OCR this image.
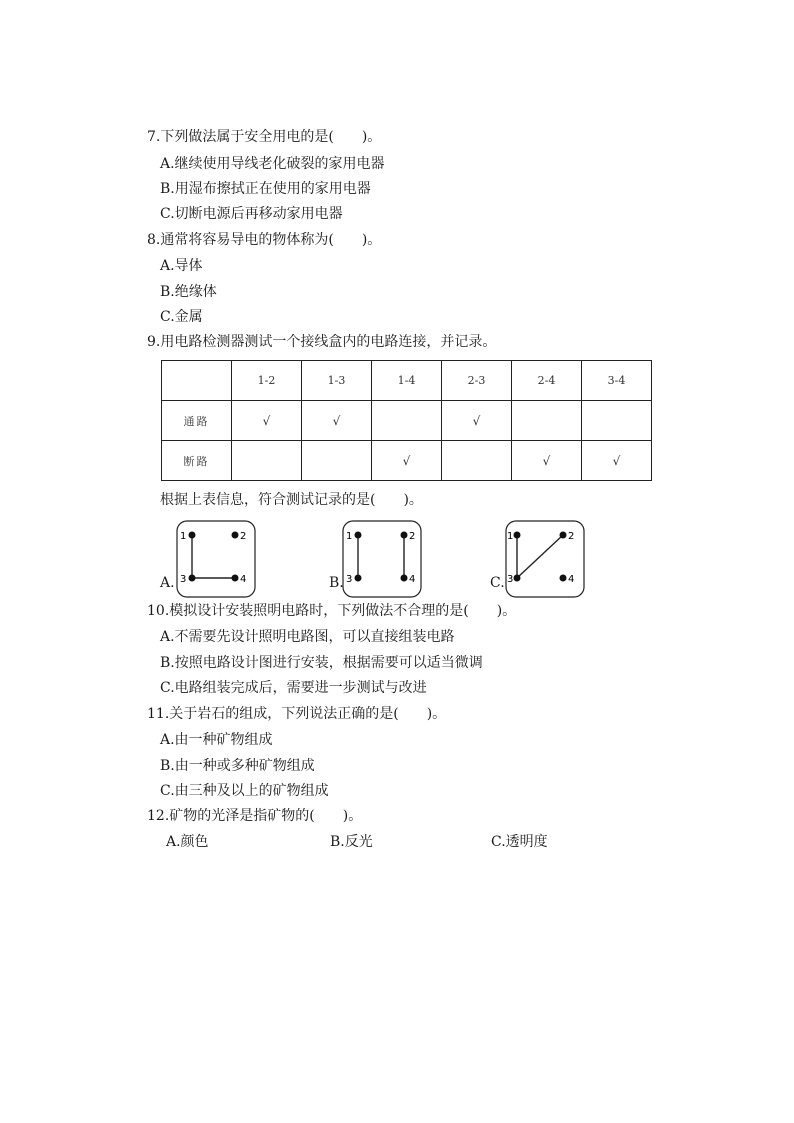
7.下列做法属于安全用电的是(　　)。
A.继续使用导线老化破裂的家用电器
B.用湿布擦拭正在使用的家用电器
C.切断电源后再移动家用电器
8.通常将容易导电的物体称为(　　)。
A.导体
B.绝缘体
C.金属
9.用电路检测器测试一个接线盒内的电路连接，并记录。
	1-2	1-3	1-4	2-3	2-4	3-4
通路	√	√		√		
断路			√		√	√
根据上表信息，符合测试记录的是(　　)。
A.
1	2
3	4	B.
1	2
3	4	C.
1	2
3	4
10.模拟设计安装照明电路时，下列做法不合理的是(　　)。
A.不需要先设计照明电路图，可以直接组装电路
B.按照电路设计图进行安装，根据需要可以适当微调
C.电路组装完成后，需要进一步测试与改进
11.关于岩石的组成，下列说法正确的是(　　)。
A.由一种矿物组成
B.由一种或多种矿物组成
C.由三种及以上的矿物组成
12.矿物的光泽是指矿物的(　　)。
A.颜色	B.反光	C.透明度
